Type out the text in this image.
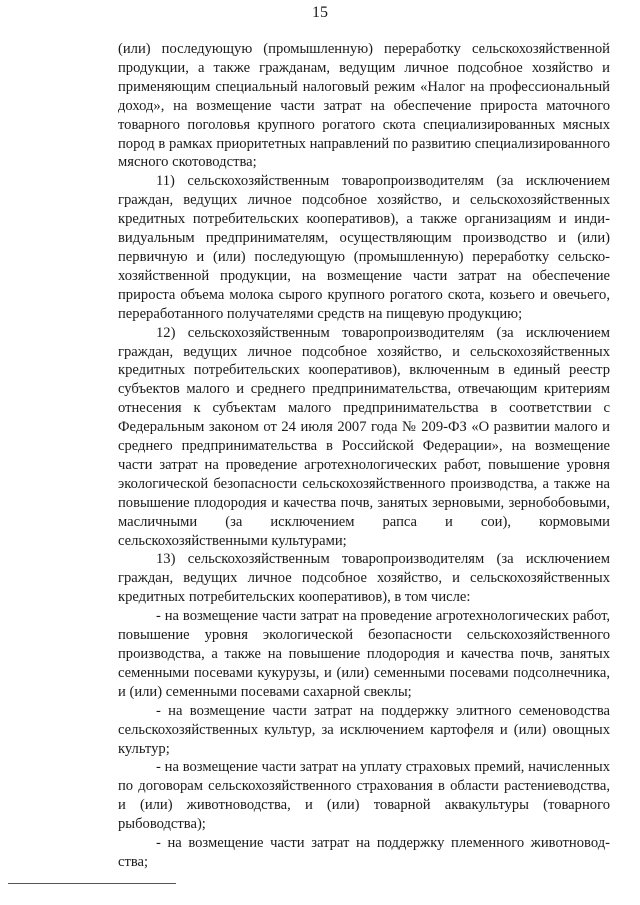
15

(или) последующую (промышленную) переработку сельскохозяйственной продукции, а также гражданам, ведущим личное подсобное хозяйство и применяющим специальный налоговый режим «Налог на профессиональный доход», на возмещение части затрат на обеспечение прироста маточного товарного поголовья крупного рогатого скота специализированных мясных пород в рамках приоритетных направлений по развитию специализированного мясного скотоводства;

11) сельскохозяйственным товаропроизводителям (за исключением граждан, ведущих личное подсобное хозяйство, и сельскохозяйственных кредитных потребительских кооперативов), а также организациям и индивидуальным предпринимателям, осуществляющим производство и (или) первичную и (или) последующую (промышленную) переработку сельскохозяйственной продукции, на возмещение части затрат на обеспечение прироста объема молока сырого крупного рогатого скота, козьего и овечьего, переработанного получателями средств на пищевую продукцию;

12) сельскохозяйственным товаропроизводителям (за исключением граждан, ведущих личное подсобное хозяйство, и сельскохозяйственных кредитных потребительских кооперативов), включенным в единый реестр субъектов малого и среднего предпринимательства, отвечающим критериям отнесения к субъектам малого предпринимательства в соответствии с Федеральным законом от 24 июля 2007 года № 209-ФЗ «О развитии малого и среднего предпринимательства в Российской Федерации», на возмещение части затрат на проведение агротехнологических работ, повышение уровня экологической безопасности сельскохозяйственного производства, а также на повышение плодородия и качества почв, занятых зерновыми, зернобобовыми, масличными (за исключением рапса и сои), кормовыми сельскохозяйственными культурами;

13) сельскохозяйственным товаропроизводителям (за исключением граждан, ведущих личное подсобное хозяйство, и сельскохозяйственных кредитных потребительских кооперативов), в том числе:

- на возмещение части затрат на проведение агротехнологических работ, повышение уровня экологической безопасности сельскохозяйственного производства, а также на повышение плодородия и качества почв, занятых семенными посевами кукурузы, и (или) семенными посевами подсолнечника, и (или) семенными посевами сахарной свеклы;

- на возмещение части затрат на поддержку элитного семеноводства сельскохозяйственных культур, за исключением картофеля и (или) овощных культур;

- на возмещение части затрат на уплату страховых премий, начисленных по договорам сельскохозяйственного страхования в области растениеводства, и (или) животноводства, и (или) товарной аквакультуры (товарного рыбоводства);

- на возмещение части затрат на поддержку племенного животноводства;
